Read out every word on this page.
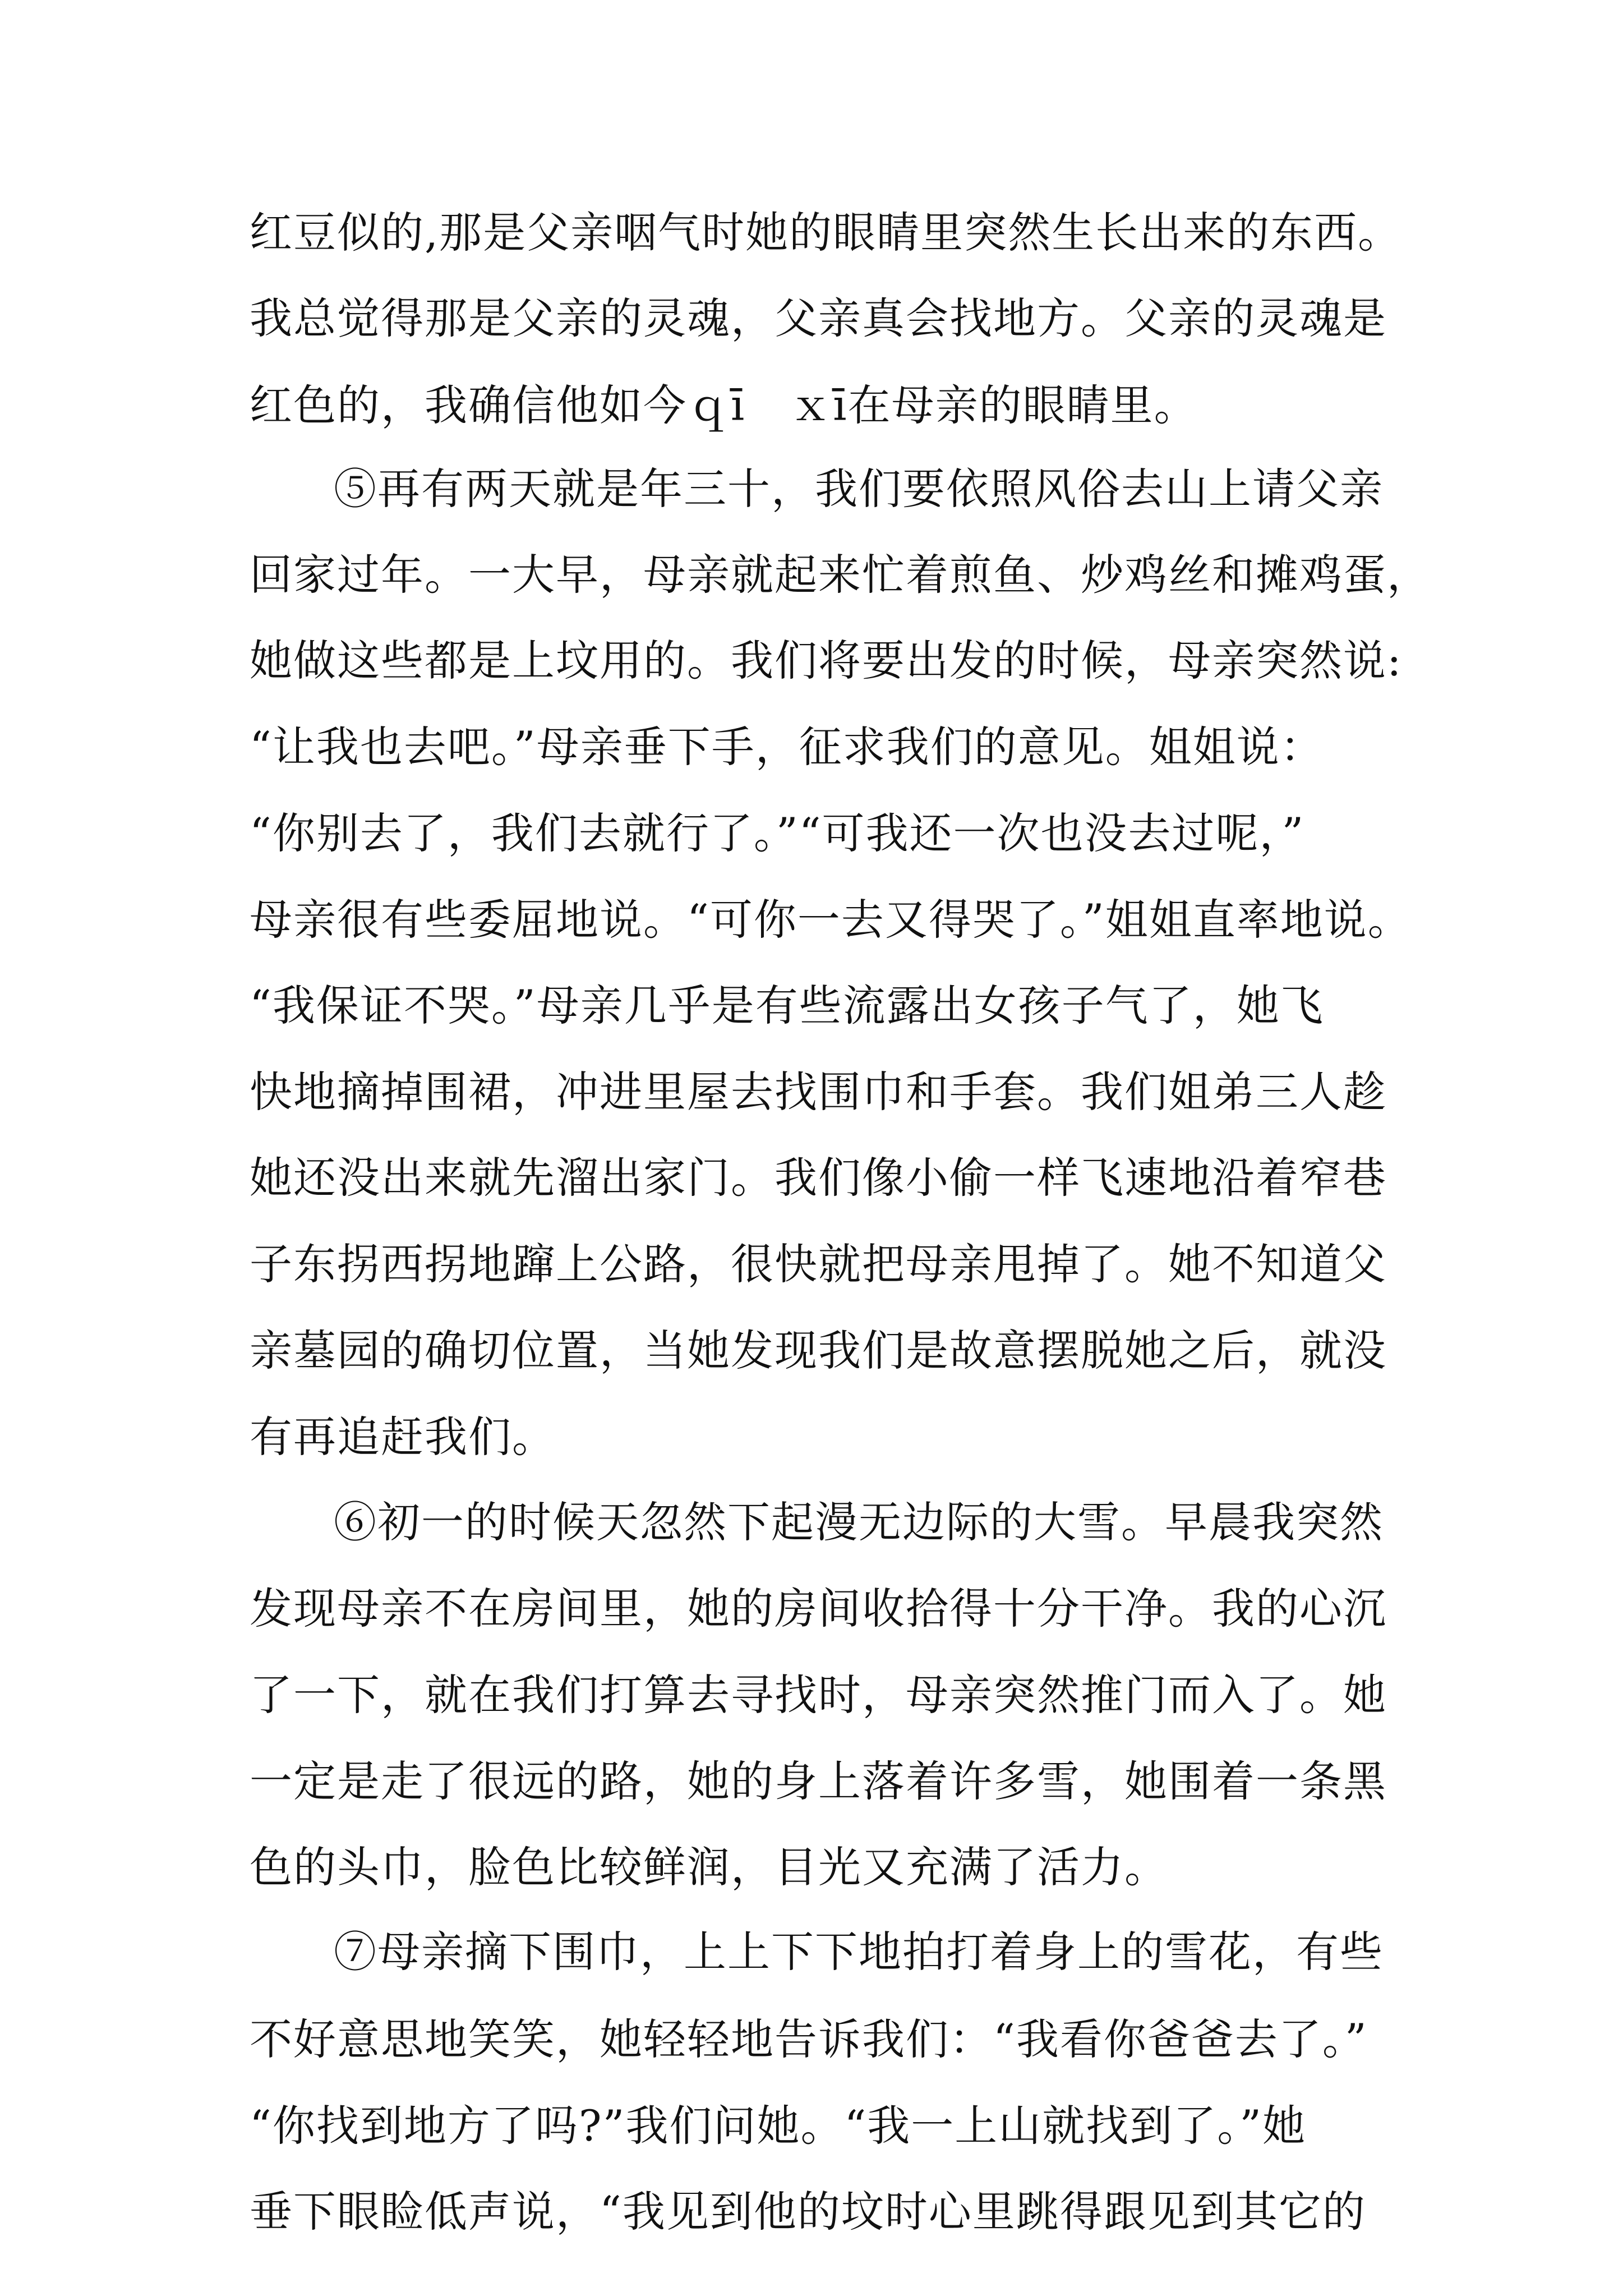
红豆似的,那是父亲咽气时她的眼睛里突然生长出来的东西。
我总觉得那是父亲的灵魂，父亲真会找地方。父亲的灵魂是
红色的，我确信他如今ｑī　ｘī在母亲的眼睛里。
⑤再有两天就是年三十，我们要依照风俗去山上请父亲
回家过年。一大早，母亲就起来忙着煎鱼、炒鸡丝和摊鸡蛋，
她做这些都是上坟用的。我们将要出发的时候，母亲突然说:
“让我也去吧。”母亲垂下手，征求我们的意见。姐姐说：
“你别去了，我们去就行了。”“可我还一次也没去过呢，”
母亲很有些委屈地说。“可你一去又得哭了。”姐姐直率地说。
“我保证不哭。”母亲几乎是有些流露出女孩子气了，她飞
快地摘掉围裙，冲进里屋去找围巾和手套。我们姐弟三人趁
她还没出来就先溜出家门。我们像小偷一样飞速地沿着窄巷
子东拐西拐地蹿上公路，很快就把母亲甩掉了。她不知道父
亲墓园的确切位置，当她发现我们是故意摆脱她之后，就没
有再追赶我们。
⑥初一的时候天忽然下起漫无边际的大雪。早晨我突然
发现母亲不在房间里，她的房间收拾得十分干净。我的心沉
了一下，就在我们打算去寻找时，母亲突然推门而入了。她
一定是走了很远的路，她的身上落着许多雪，她围着一条黑
色的头巾，脸色比较鲜润，目光又充满了活力。
⑦母亲摘下围巾，上上下下地拍打着身上的雪花，有些
不好意思地笑笑，她轻轻地告诉我们：“我看你爸爸去了。”
“你找到地方了吗?”我们问她。“我一上山就找到了。”她
垂下眼睑低声说，“我见到他的坟时心里跳得跟见到其它的
